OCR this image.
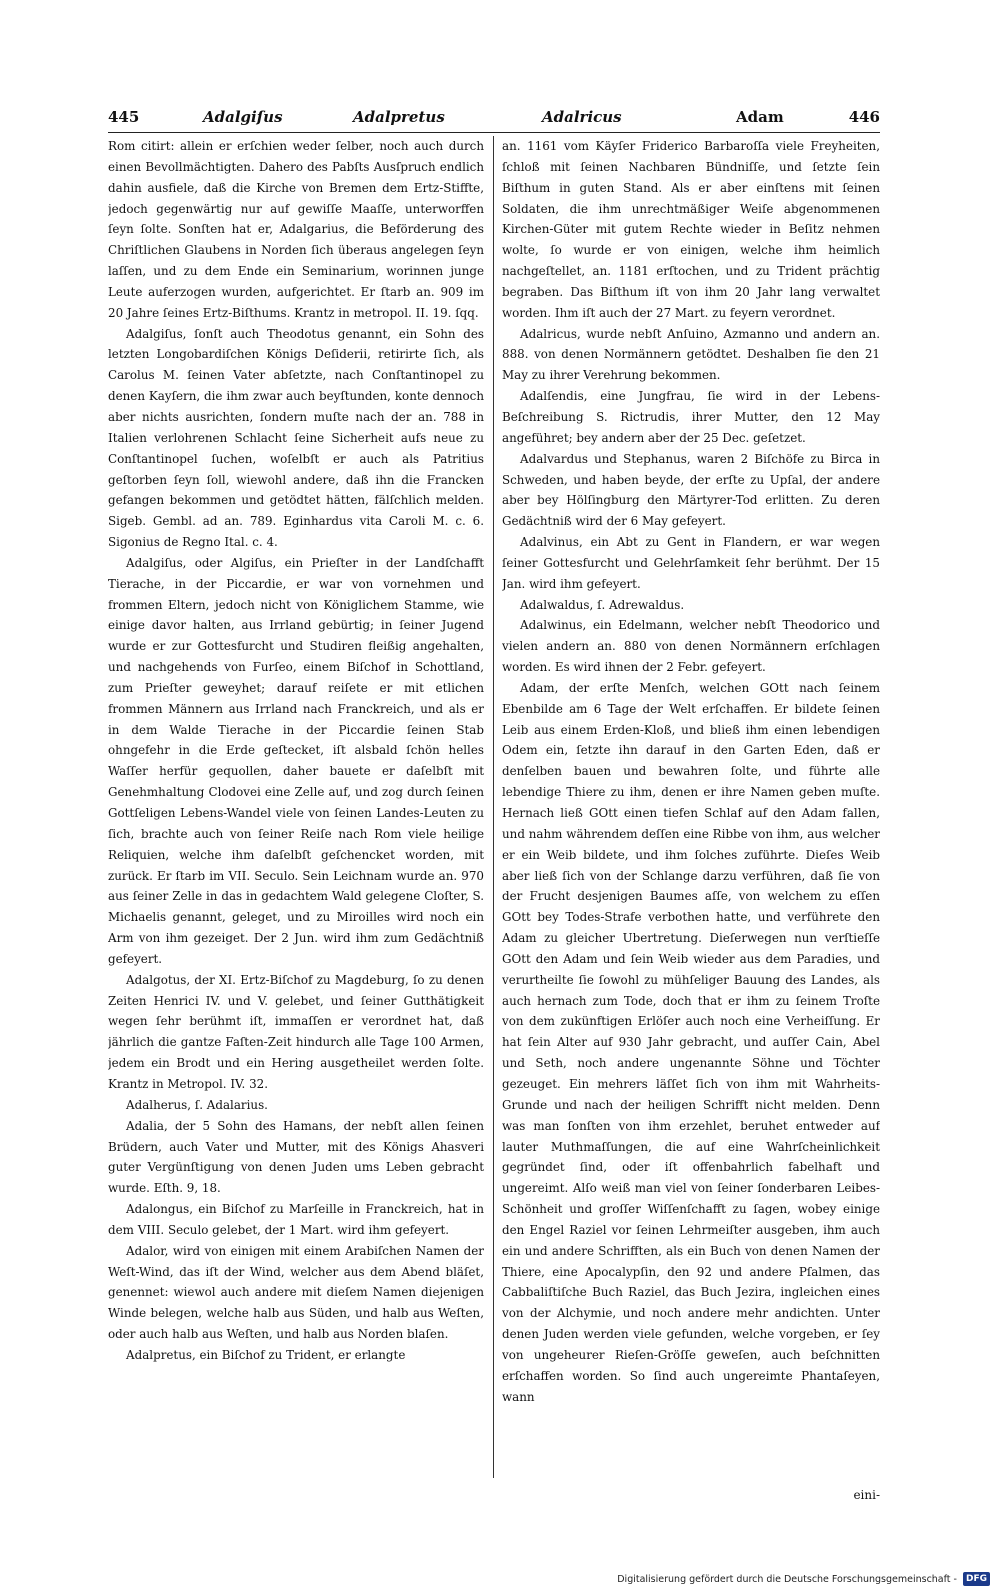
445	Adalgiſus	Adalpretus	Adalricus	Adam	446

Rom citirt: allein er erſchien weder ſelber, noch auch durch einen Bevollmächtigten. Dahero des Pabſts Ausſpruch endlich dahin ausfiele, daß die Kirche von Bremen dem Ertz-Stiffte, jedoch gegenwärtig nur auf gewiſſe Maaſſe, unterworffen ſeyn ſolte. Sonſten hat er, Adalgarius, die Beförderung des Chriſtlichen Glaubens in Norden ſich überaus angelegen ſeyn laſſen, und zu dem Ende ein Seminarium, worinnen junge Leute auferzogen wurden, aufgerichtet. Er ſtarb an. 909 im 20 Jahre ſeines Ertz-Biſthums. Krantz in metropol. II. 19. ſqq.

Adalgiſus, ſonſt auch Theodotus genannt, ein Sohn des letzten Longobardiſchen Königs Deſiderii, retirirte ſich, als Carolus M. ſeinen Vater abſetzte, nach Conſtantinopel zu denen Kayſern, die ihm zwar auch beyſtunden, konte dennoch aber nichts ausrichten, ſondern muſte nach der an. 788 in Italien verlohrenen Schlacht ſeine Sicherheit aufs neue zu Conſtantinopel ſuchen, woſelbſt er auch als Patritius geſtorben ſeyn ſoll, wiewohl andere, daß ihn die Francken gefangen bekommen und getödtet hätten, fälſchlich melden. Sigeb. Gembl. ad an. 789. Eginhardus vita Caroli M. c. 6. Sigonius de Regno Ital. c. 4.

Adalgiſus, oder Algiſus, ein Prieſter in der Landſchafft Tierache, in der Piccardie, er war von vornehmen und frommen Eltern, jedoch nicht von Königlichem Stamme, wie einige davor halten, aus Irrland gebürtig; in ſeiner Jugend wurde er zur Gottesfurcht und Studiren fleißig angehalten, und nachgehends von Furſeo, einem Biſchof in Schottland, zum Prieſter geweyhet; darauf reiſete er mit etlichen frommen Männern aus Irrland nach Franckreich, und als er in dem Walde Tierache in der Piccardie ſeinen Stab ohngefehr in die Erde geſtecket, iſt alsbald ſchön helles Waſſer herfür gequollen, daher bauete er daſelbſt mit Genehmhaltung Clodovei eine Zelle auf, und zog durch ſeinen Gottſeligen Lebens-Wandel viele von ſeinen Landes-Leuten zu ſich, brachte auch von ſeiner Reiſe nach Rom viele heilige Reliquien, welche ihm daſelbſt geſchencket worden, mit zurück. Er ſtarb im VII. Seculo. Sein Leichnam wurde an. 970 aus ſeiner Zelle in das in gedachtem Wald gelegene Cloſter, S. Michaelis genannt, geleget, und zu Miroilles wird noch ein Arm von ihm gezeiget. Der 2 Jun. wird ihm zum Gedächtniß gefeyert.

Adalgotus, der XI. Ertz-Biſchof zu Magdeburg, ſo zu denen Zeiten Henrici IV. und V. gelebet, und ſeiner Gutthätigkeit wegen ſehr berühmt iſt, immaſſen er verordnet hat, daß jährlich die gantze Faſten-Zeit hindurch alle Tage 100 Armen, jedem ein Brodt und ein Hering ausgetheilet werden ſolte. Krantz in Metropol. IV. 32.

Adalherus, ſ. Adalarius.

Adalia, der 5 Sohn des Hamans, der nebſt allen ſeinen Brüdern, auch Vater und Mutter, mit des Königs Ahasveri guter Vergünſtigung von denen Juden ums Leben gebracht wurde. Eſth. 9, 18.

Adalongus, ein Biſchof zu Marſeille in Franckreich, hat in dem VIII. Seculo gelebet, der 1 Mart. wird ihm gefeyert.

Adalor, wird von einigen mit einem Arabiſchen Namen der Weſt-Wind, das iſt der Wind, welcher aus dem Abend bläſet, genennet: wiewol auch andere mit dieſem Namen diejenigen Winde belegen, welche halb aus Süden, und halb aus Weſten, oder auch halb aus Weſten, und halb aus Norden blaſen.

Adalpretus, ein Biſchof zu Trident, er erlangte

an. 1161 vom Käyſer Friderico Barbaroſſa viele Freyheiten, ſchloß mit ſeinen Nachbaren Bündniſſe, und ſetzte ſein Biſthum in guten Stand. Als er aber einſtens mit ſeinen Soldaten, die ihm unrechtmäßiger Weiſe abgenommenen Kirchen-Güter mit gutem Rechte wieder in Beſitz nehmen wolte, ſo wurde er von einigen, welche ihm heimlich nachgeſtellet, an. 1181 erſtochen, und zu Trident prächtig begraben. Das Biſthum iſt von ihm 20 Jahr lang verwaltet worden. Ihm iſt auch der 27 Mart. zu feyern verordnet.

Adalricus, wurde nebſt Anſuino, Azmanno und andern an. 888. von denen Normännern getödtet. Deshalben ſie den 21 May zu ihrer Verehrung bekommen.

Adalſendis, eine Jungfrau, ſie wird in der Lebens-Beſchreibung S. Rictrudis, ihrer Mutter, den 12 May angeführet; bey andern aber der 25 Dec. geſetzet.

Adalvardus und Stephanus, waren 2 Biſchöfe zu Birca in Schweden, und haben beyde, der erſte zu Upſal, der andere aber bey Hölſingburg den Märtyrer-Tod erlitten. Zu deren Gedächtniß wird der 6 May gefeyert.

Adalvinus, ein Abt zu Gent in Flandern, er war wegen ſeiner Gottesfurcht und Gelehrſamkeit ſehr berühmt. Der 15 Jan. wird ihm gefeyert.

Adalwaldus, ſ. Adrewaldus.

Adalwinus, ein Edelmann, welcher nebſt Theodorico und vielen andern an. 880 von denen Normännern erſchlagen worden. Es wird ihnen der 2 Febr. gefeyert.

Adam, der erſte Menſch, welchen GOtt nach ſeinem Ebenbilde am 6 Tage der Welt erſchaffen. Er bildete ſeinen Leib aus einem Erden-Kloß, und bließ ihm einen lebendigen Odem ein, ſetzte ihn darauf in den Garten Eden, daß er denſelben bauen und bewahren ſolte, und führte alle lebendige Thiere zu ihm, denen er ihre Namen geben muſte. Hernach ließ GOtt einen tiefen Schlaf auf den Adam fallen, und nahm währendem deſſen eine Ribbe von ihm, aus welcher er ein Weib bildete, und ihm ſolches zuführte. Dieſes Weib aber ließ ſich von der Schlange darzu verführen, daß ſie von der Frucht desjenigen Baumes aſſe, von welchem zu eſſen GOtt bey Todes-Strafe verbothen hatte, und verführete den Adam zu gleicher Ubertretung. Dieſerwegen nun verſtieſſe GOtt den Adam und ſein Weib wieder aus dem Paradies, und verurtheilte ſie ſowohl zu mühſeliger Bauung des Landes, als auch hernach zum Tode, doch that er ihm zu ſeinem Troſte von dem zukünftigen Erlöſer auch noch eine Verheiſſung. Er hat ſein Alter auf 930 Jahr gebracht, und auſſer Cain, Abel und Seth, noch andere ungenannte Söhne und Töchter gezeuget. Ein mehrers läſſet ſich von ihm mit Wahrheits-Grunde und nach der heiligen Schrifft nicht melden. Denn was man ſonſten von ihm erzehlet, beruhet entweder auf lauter Muthmaſſungen, die auf eine Wahrſcheinlichkeit gegründet ſind, oder iſt offenbahrlich fabelhaft und ungereimt. Alſo weiß man viel von ſeiner ſonderbaren Leibes-Schönheit und groſſer Wiſſenſchafft zu ſagen, wobey einige den Engel Raziel vor ſeinen Lehrmeiſter ausgeben, ihm auch ein und andere Schrifften, als ein Buch von denen Namen der Thiere, eine Apocalypſin, den 92 und andere Pſalmen, das Cabbaliſtiſche Buch Raziel, das Buch Jezira, ingleichen eines von der Alchymie, und noch andere mehr andichten. Unter denen Juden werden viele gefunden, welche vorgeben, er ſey von ungeheurer Rieſen-Gröſſe geweſen, auch beſchnitten erſchaffen worden. So ſind auch ungereimte Phantaſeyen, wann

eini-
Digitalisierung gefördert durch die Deutsche Forschungsgemeinschaft -	DFG
